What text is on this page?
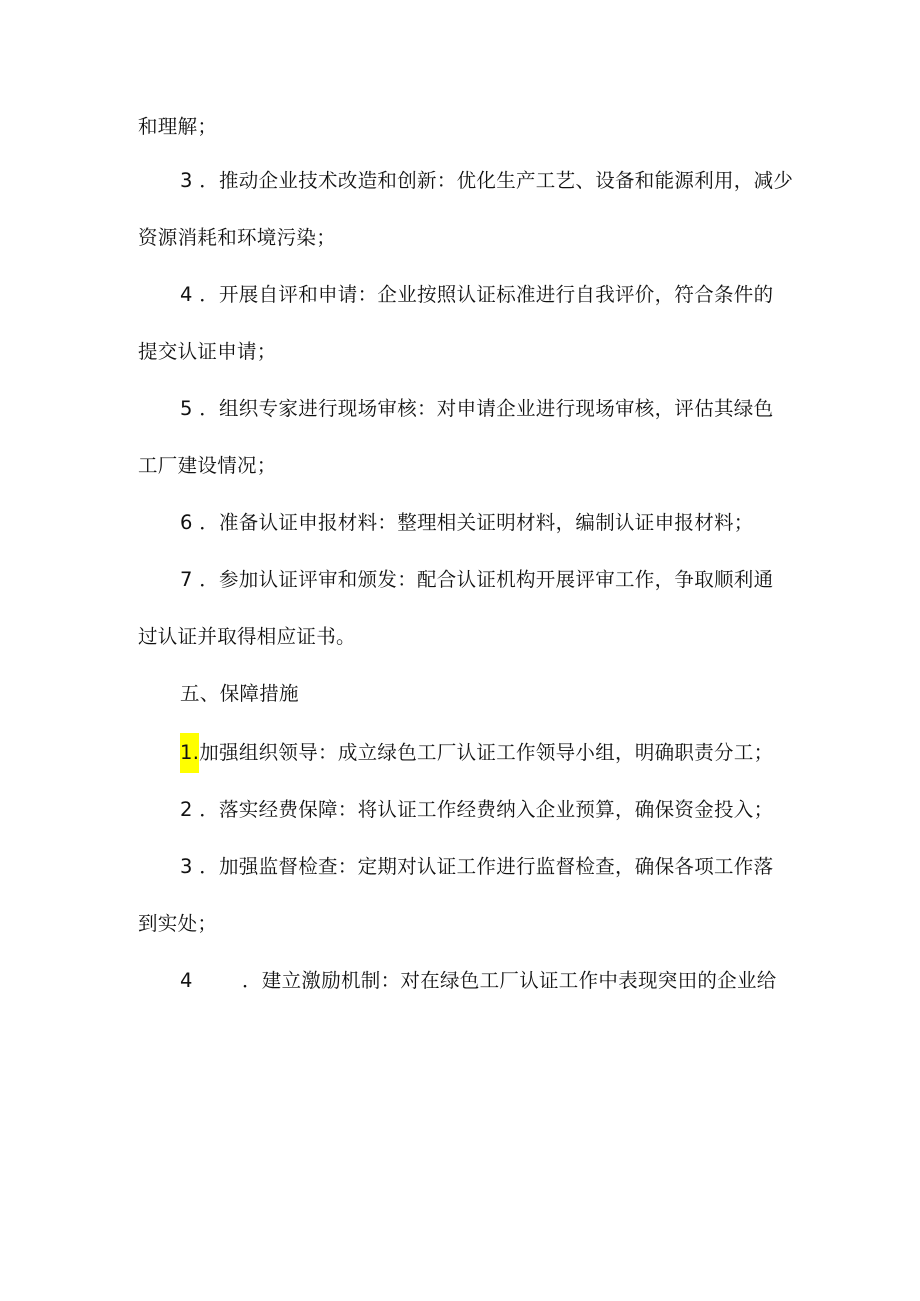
和理解；
3 ．推动企业技术改造和创新：优化生产工艺、设备和能源利用，减少
资源消耗和环境污染；
4 ．开展自评和申请：企业按照认证标准进行自我评价，符合条件的
提交认证申请；
5 ．组织专家进行现场审核：对申请企业进行现场审核，评估其绿色
工厂建设情况；
6 ．准备认证申报材料：整理相关证明材料，编制认证申报材料；
7 ．参加认证评审和颁发：配合认证机构开展评审工作，争取顺利通
过认证并取得相应证书。
五、保障措施
1.加强组织领导：成立绿色工厂认证工作领导小组，明确职责分工；
2 ．落实经费保障：将认证工作经费纳入企业预算，确保资金投入；
3 ．加强监督检查：定期对认证工作进行监督检查，确保各项工作落
到实处；
4	．建立激励机制：对在绿色工厂认证工作中表现突田的企业给
